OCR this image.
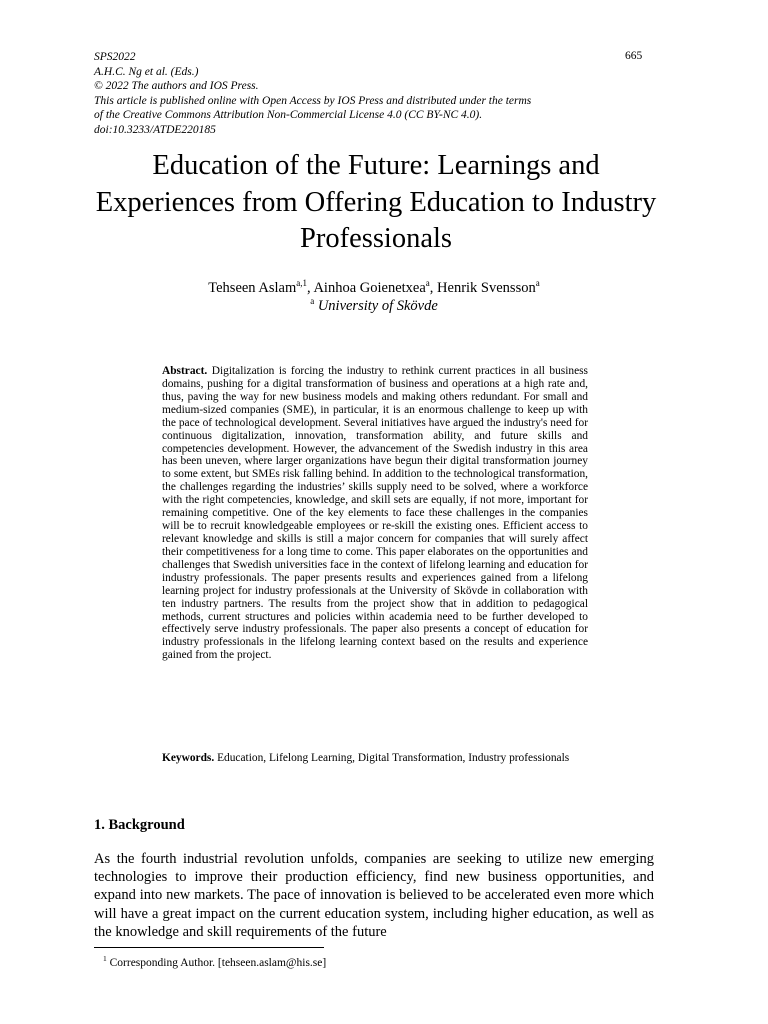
SPS2022
A.H.C. Ng et al. (Eds.)
© 2022 The authors and IOS Press.
This article is published online with Open Access by IOS Press and distributed under the terms
of the Creative Commons Attribution Non-Commercial License 4.0 (CC BY-NC 4.0).
doi:10.3233/ATDE220185
665
Education of the Future: Learnings and Experiences from Offering Education to Industry Professionals
Tehseen Aslam$^{a,1}$, Ainhoa Goienetxea$^a$, Henrik Svensson$^a$
$^a$ University of Skövde

Abstract. Digitalization is forcing the industry to rethink current practices in all business domains, pushing for a digital transformation of business and operations at a high rate and, thus, paving the way for new business models and making others redundant. For small and medium-sized companies (SME), in particular, it is an enormous challenge to keep up with the pace of technological development. Several initiatives have argued the industry's need for continuous digitalization, innovation, transformation ability, and future skills and competencies development. However, the advancement of the Swedish industry in this area has been uneven, where larger organizations have begun their digital transformation journey to some extent, but SMEs risk falling behind. In addition to the technological transformation, the challenges regarding the industries’ skills supply need to be solved, where a workforce with the right competencies, knowledge, and skill sets are equally, if not more, important for remaining competitive. One of the key elements to face these challenges in the companies will be to recruit knowledgeable employees or re-skill the existing ones. Efficient access to relevant knowledge and skills is still a major concern for companies that will surely affect their competitiveness for a long time to come. This paper elaborates on the opportunities and challenges that Swedish universities face in the context of lifelong learning and education for industry professionals. The paper presents results and experiences gained from a lifelong learning project for industry professionals at the University of Skövde in collaboration with ten industry partners. The results from the project show that in addition to pedagogical methods, current structures and policies within academia need to be further developed to effectively serve industry professionals. The paper also presents a concept of education for industry professionals in the lifelong learning context based on the results and experience gained from the project.

Keywords. Education, Lifelong Learning, Digital Transformation, Industry professionals

1. Background

As the fourth industrial revolution unfolds, companies are seeking to utilize new emerging technologies to improve their production efficiency, find new business opportunities, and expand into new markets. The pace of innovation is believed to be accelerated even more which will have a great impact on the current education system, including higher education, as well as the knowledge and skill requirements of the future

$^1$ Corresponding Author. [tehseen.aslam@his.se]
